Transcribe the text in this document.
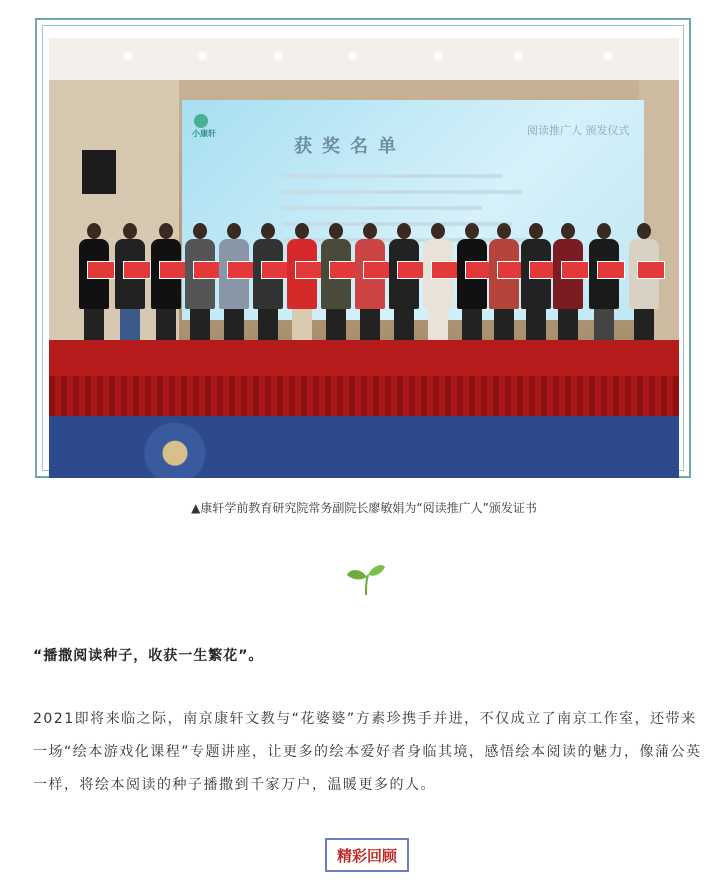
小康轩
获奖名单
阅读推广人 颁发仪式
▲康轩学前教育研究院常务副院长廖敏娟为“阅读推广人”颁发证书
“播撒阅读种子，收获一生繁花”。
2021即将来临之际，南京康轩文教与“花婆婆”方素珍携手并进，不仅成立了南京工作室，还带来一场“绘本游戏化课程”专题讲座，让更多的绘本爱好者身临其境，感悟绘本阅读的魅力，像蒲公英一样，将绘本阅读的种子播撒到千家万户，温暖更多的人。
精彩回顾
